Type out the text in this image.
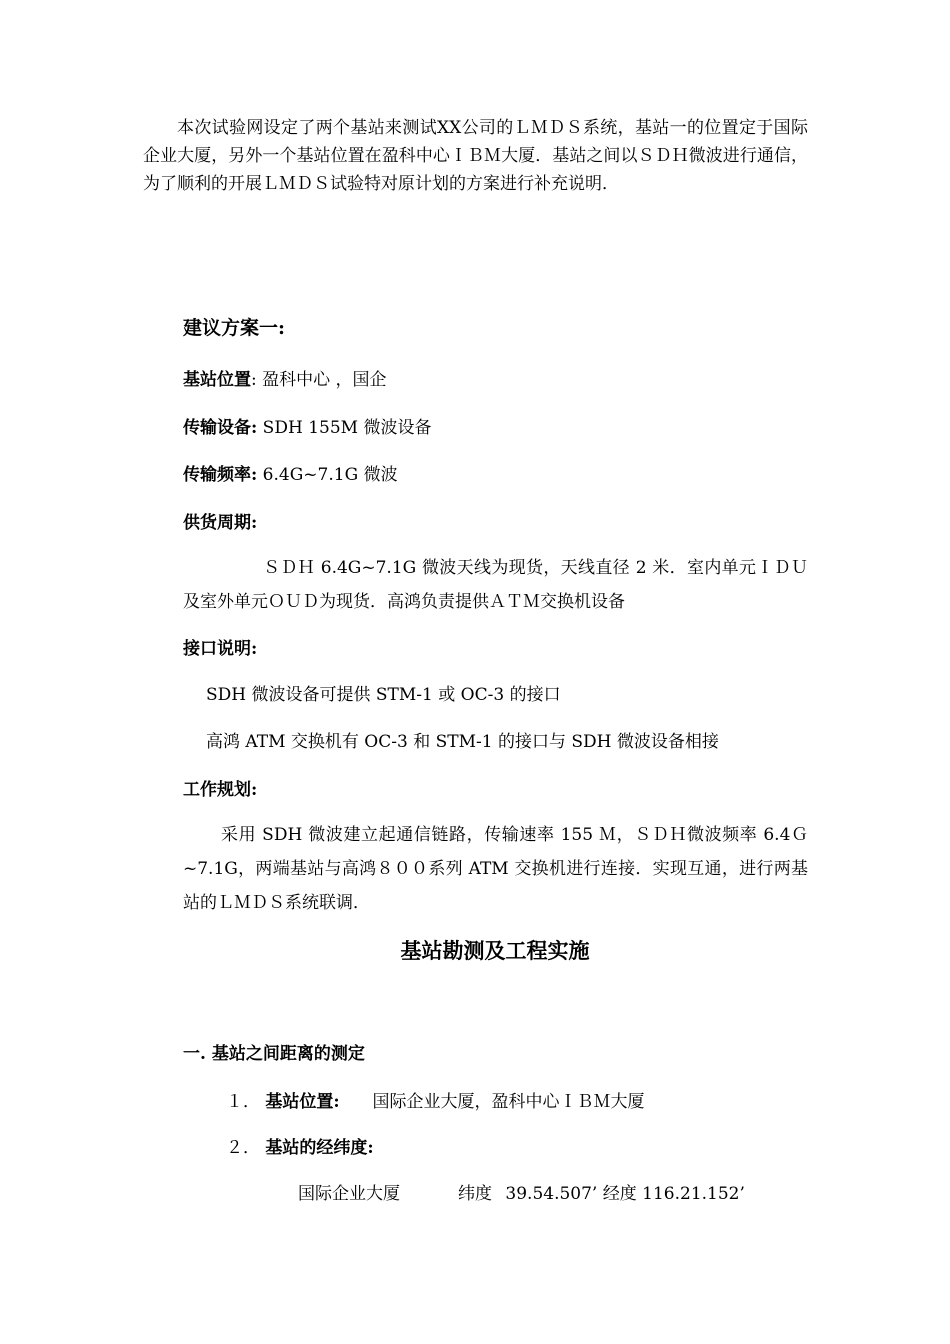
本次试验网设定了两个基站来测试XX公司的ＬＭＤＳ系统，基站一的位置定于国际企业大厦，另外一个基站位置在盈科中心ＩＢＭ大厦．基站之间以ＳＤＨ微波进行通信，为了顺利的开展ＬＭＤＳ试验特对原计划的方案进行补充说明．

建议方案一:
基站位置: 盈科中心 ，国企
传输设备: SDH 155M 微波设备
传输频率: 6.4G~7.1G 微波
供货周期:

ＳＤＨ 6.4G~7.1G 微波天线为现货，天线直径 2 米．室内单元ＩＤＵ及室外单元ＯＵＤ为现货．高鸿负责提供ＡＴＭ交换机设备

接口说明:
SDH 微波设备可提供 STM-1 或 OC-3 的接口
高鸿 ATM 交换机有 OC-3 和 STM-1 的接口与 SDH 微波设备相接
工作规划:

采用 SDH 微波建立起通信链路，传输速率 155 Ｍ，ＳＤＨ微波频率 6.4Ｇ~7.1G，两端基站与高鸿８００系列 ATM 交换机进行连接．实现互通，进行两基站的ＬＭＤＳ系统联调．

基站勘测及工程实施
一. 基站之间距离的测定
１． 基站位置: 国际企业大厦，盈科中心ＩＢＭ大厦
２． 基站的经纬度:
国际企业大厦	纬度 39.54.507’ 经度 116.21.152’
